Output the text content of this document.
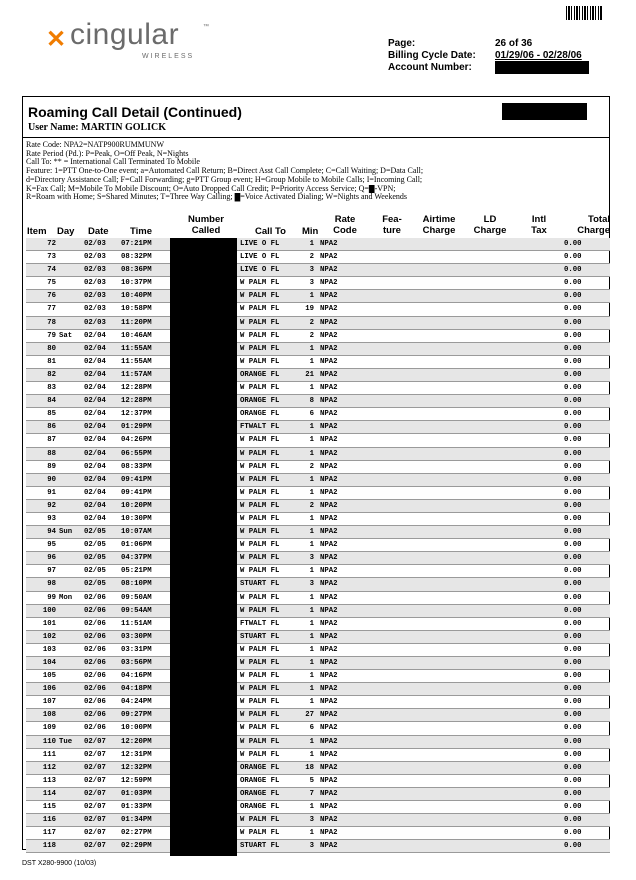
✕ cingular	™
WIRELESS
Page:	26 of 36
Billing Cycle Date: 01/29/06 - 02/28/06
Account Number:
Roaming Call Detail (Continued)
User Name: MARTIN GOLICK
Rate Code: NPA2=NATP900RUMMUNW
Rate Period (Pd.): P=Peak, O=Off Peak, N=Nights
Call To: ** = International Call Terminated To Mobile
Feature: 1=PTT One-to-One event; a=Automated Call Return; B=Direct Asst Call Complete; C=Call Waiting; D=Data Call;
d=Directory Assistance Call; F=Call Forwarding; g=PTT Group event; H=Group Mobile to Mobile Calls; I=Incoming Call;
K=Fax Call; M=Mobile To Mobile Discount; O=Auto Dropped Call Credit; P=Priority Access Service; Q=█-VPN;
R=Roam with Home; S=Shared Minutes; T=Three Way Calling; █=Voice Activated Dialing; W=Nights and Weekends
Item Day Date Time
Number
Called	Call To Min
Rate
Code
Fea-
ture
Airtime
Charge
LD
Charge
Intl
Tax
Total
Charge
72	02/03 07:21PM	LIVE O FL	1 NPA2	0.00
73	02/03 08:32PM	LIVE O FL	2 NPA2	0.00
74	02/03 08:36PM	LIVE O FL	3 NPA2	0.00
75	02/03 10:37PM	W PALM FL	3 NPA2	0.00
76	02/03 10:40PM	W PALM FL	1 NPA2	0.00
77	02/03 10:58PM	W PALM FL	19 NPA2	0.00
78	02/03 11:20PM	W PALM FL	2 NPA2	0.00
79 Sat 02/04 10:46AM	W PALM FL	2 NPA2	0.00
80	02/04 11:55AM	W PALM FL	1 NPA2	0.00
81	02/04 11:55AM	W PALM FL	1 NPA2	0.00
82	02/04 11:57AM	ORANGE FL	21 NPA2	0.00
83	02/04 12:28PM	W PALM FL	1 NPA2	0.00
84	02/04 12:28PM	ORANGE FL	8 NPA2	0.00
85	02/04 12:37PM	ORANGE FL	6 NPA2	0.00
86	02/04 01:29PM	FTWALT FL	1 NPA2	0.00
87	02/04 04:26PM	W PALM FL	1 NPA2	0.00
88	02/04 06:55PM	W PALM FL	1 NPA2	0.00
89	02/04 08:33PM	W PALM FL	2 NPA2	0.00
90	02/04 09:41PM	W PALM FL	1 NPA2	0.00
91	02/04 09:41PM	W PALM FL	1 NPA2	0.00
92	02/04 10:20PM	W PALM FL	2 NPA2	0.00
93	02/04 10:30PM	W PALM FL	1 NPA2	0.00
94 Sun 02/05 10:07AM	W PALM FL	1 NPA2	0.00
95	02/05 01:06PM	W PALM FL	1 NPA2	0.00
96	02/05 04:37PM	W PALM FL	3 NPA2	0.00
97	02/05 05:21PM	W PALM FL	1 NPA2	0.00
98	02/05 08:10PM	STUART FL	3 NPA2	0.00
99 Mon 02/06 09:50AM	W PALM FL	1 NPA2	0.00
100	02/06 09:54AM	W PALM FL	1 NPA2	0.00
101	02/06 11:51AM	FTWALT FL	1 NPA2	0.00
102	02/06 03:30PM	STUART FL	1 NPA2	0.00
103	02/06 03:31PM	W PALM FL	1 NPA2	0.00
104	02/06 03:56PM	W PALM FL	1 NPA2	0.00
105	02/06 04:16PM	W PALM FL	1 NPA2	0.00
106	02/06 04:18PM	W PALM FL	1 NPA2	0.00
107	02/06 04:24PM	W PALM FL	1 NPA2	0.00
108	02/06 09:27PM	W PALM FL	27 NPA2	0.00
109	02/06 10:00PM	W PALM FL	6 NPA2	0.00
110 Tue 02/07 12:20PM	W PALM FL	1 NPA2	0.00
111	02/07 12:31PM	W PALM FL	1 NPA2	0.00
112	02/07 12:32PM	ORANGE FL	18 NPA2	0.00
113	02/07 12:59PM	ORANGE FL	5 NPA2	0.00
114	02/07 01:03PM	ORANGE FL	7 NPA2	0.00
115	02/07 01:33PM	ORANGE FL	1 NPA2	0.00
116	02/07 01:34PM	W PALM FL	3 NPA2	0.00
117	02/07 02:27PM	W PALM FL	1 NPA2	0.00
118	02/07 02:29PM	STUART FL	3 NPA2	0.00
DST X280-9900 (10/03)
